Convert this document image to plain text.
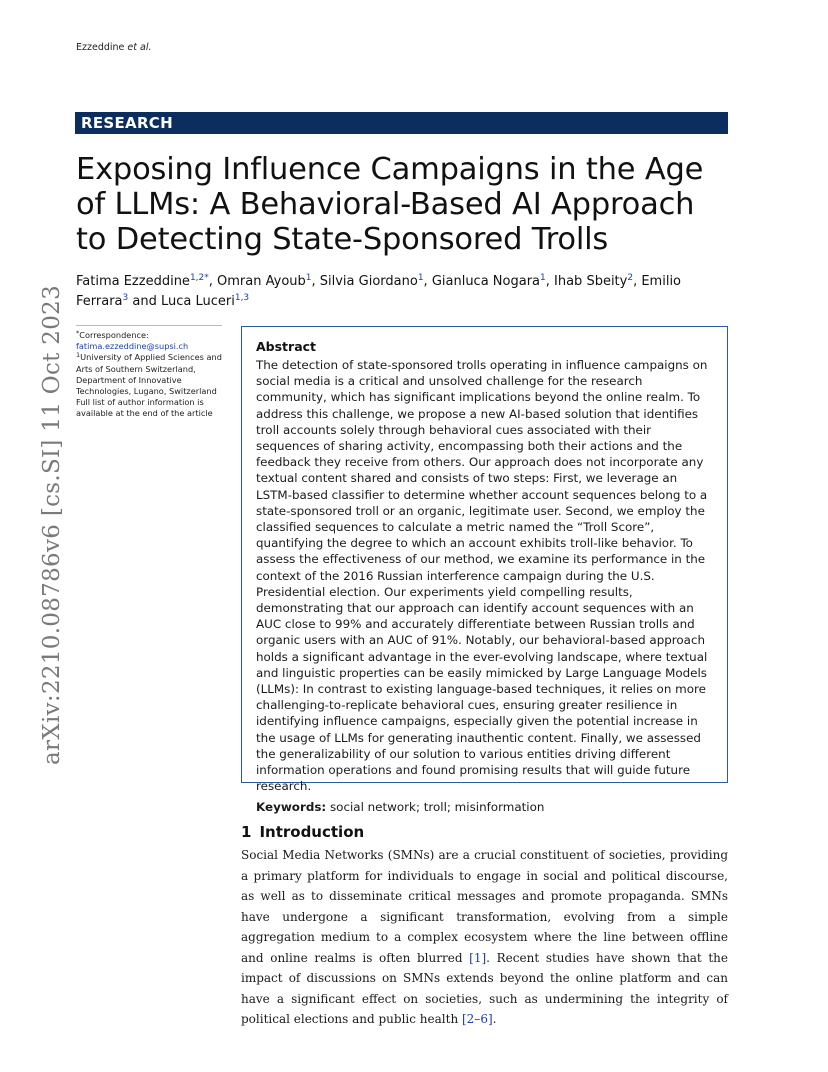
Ezzeddine et al.
RESEARCH
Exposing Influence Campaigns in the Age of LLMs: A Behavioral-Based AI Approach to Detecting State-Sponsored Trolls
Fatima Ezzeddine$^{1,2*}$, Omran Ayoub$^1$, Silvia Giordano$^1$, Gianluca Nogara$^1$, Ihab Sbeity$^2$, Emilio Ferrara$^3$ and Luca Luceri$^{1,3}$
arXiv:2210.08786v6 [cs.SI] 11 Oct 2023 *Correspondence:
fatima.ezzeddine@supsi.ch
$^1$University of Applied Sciences and Arts of Southern Switzerland, Department of Innovative Technologies, Lugano, Switzerland
Full list of author information is available at the end of the article
Abstract

The detection of state-sponsored trolls operating in influence campaigns on social media is a critical and unsolved challenge for the research community, which has significant implications beyond the online realm. To address this challenge, we propose a new AI-based solution that identifies troll accounts solely through behavioral cues associated with their sequences of sharing activity, encompassing both their actions and the feedback they receive from others. Our approach does not incorporate any textual content shared and consists of two steps: First, we leverage an LSTM-based classifier to determine whether account sequences belong to a state-sponsored troll or an organic, legitimate user. Second, we employ the classified sequences to calculate a metric named the “Troll Score”, quantifying the degree to which an account exhibits troll-like behavior. To assess the effectiveness of our method, we examine its performance in the context of the 2016 Russian interference campaign during the U.S. Presidential election. Our experiments yield compelling results, demonstrating that our approach can identify account sequences with an AUC close to 99% and accurately differentiate between Russian trolls and organic users with an AUC of 91%. Notably, our behavioral-based approach holds a significant advantage in the ever-evolving landscape, where textual and linguistic properties can be easily mimicked by Large Language Models (LLMs): In contrast to existing language-based techniques, it relies on more challenging-to-replicate behavioral cues, ensuring greater resilience in identifying influence campaigns, especially given the potential increase in the usage of LLMs for generating inauthentic content. Finally, we assessed the generalizability of our solution to various entities driving different information operations and found promising results that will guide future research.

Keywords: social network; troll; misinformation
1 Introduction

Social Media Networks (SMNs) are a crucial constituent of societies, providing a primary platform for individuals to engage in social and political discourse, as well as to disseminate critical messages and promote propaganda. SMNs have undergone a significant transformation, evolving from a simple aggregation medium to a complex ecosystem where the line between offline and online realms is often blurred [1]. Recent studies have shown that the impact of discussions on SMNs extends beyond the online platform and can have a significant effect on societies, such as undermining the integrity of political elections and public health [2–6].
